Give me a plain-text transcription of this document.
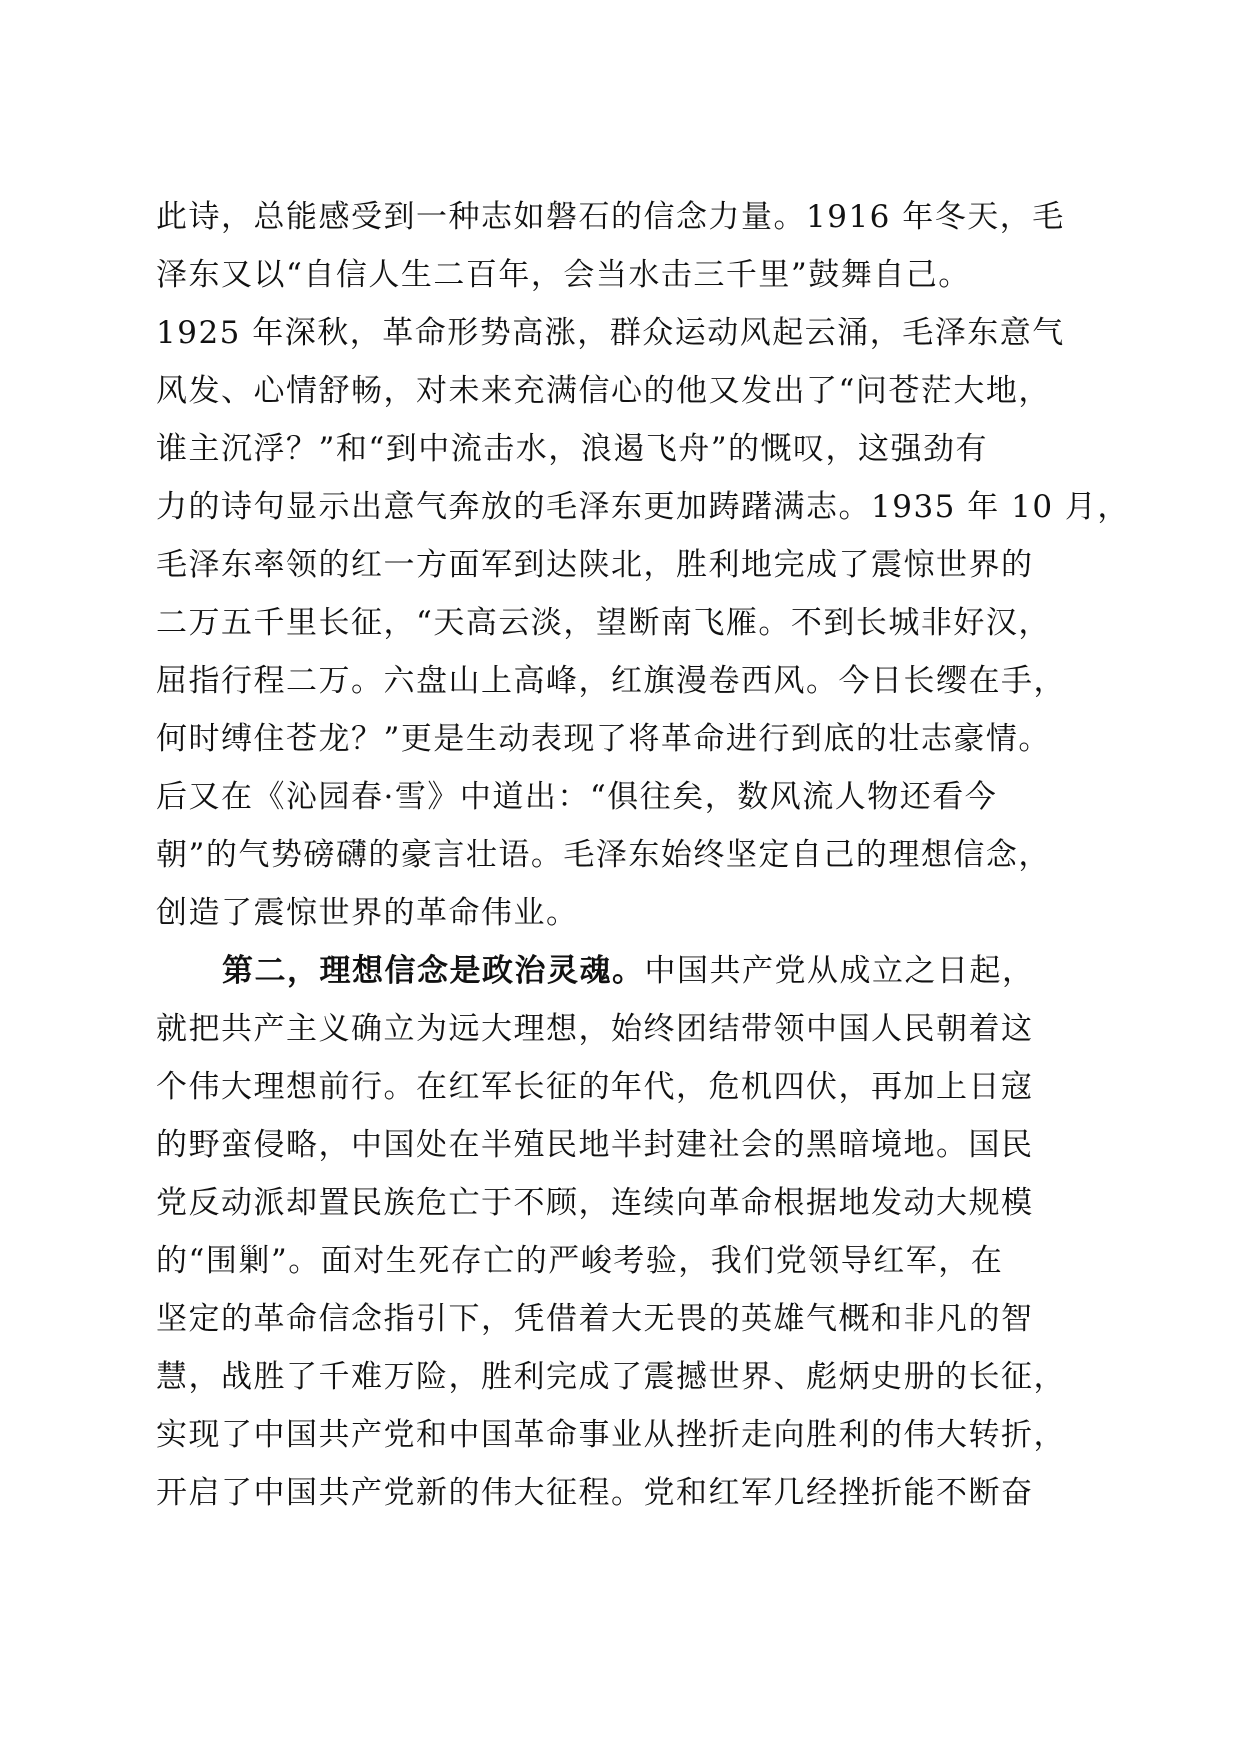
此诗，总能感受到一种志如磐石的信念力量。1916 年冬天，毛
泽东又以“自信人生二百年，会当水击三千里”鼓舞自己。
1925 年深秋，革命形势高涨，群众运动风起云涌，毛泽东意气
风发、心情舒畅，对未来充满信心的他又发出了“问苍茫大地，
谁主沉浮？”和“到中流击水，浪遏飞舟”的慨叹，这强劲有
力的诗句显示出意气奔放的毛泽东更加踌躇满志。1935 年 10 月，
毛泽东率领的红一方面军到达陕北，胜利地完成了震惊世界的
二万五千里长征，“天高云淡，望断南飞雁。不到长城非好汉，
屈指行程二万。六盘山上高峰，红旗漫卷西风。今日长缨在手，
何时缚住苍龙？”更是生动表现了将革命进行到底的壮志豪情。
后又在《沁园春·雪》中道出：“俱往矣，数风流人物还看今
朝”的气势磅礴的豪言壮语。毛泽东始终坚定自己的理想信念，
创造了震惊世界的革命伟业。
第二，理想信念是政治灵魂。中国共产党从成立之日起，
就把共产主义确立为远大理想，始终团结带领中国人民朝着这
个伟大理想前行。在红军长征的年代，危机四伏，再加上日寇
的野蛮侵略，中国处在半殖民地半封建社会的黑暗境地。国民
党反动派却置民族危亡于不顾，连续向革命根据地发动大规模
的“围剿”。面对生死存亡的严峻考验，我们党领导红军，在
坚定的革命信念指引下，凭借着大无畏的英雄气概和非凡的智
慧，战胜了千难万险，胜利完成了震撼世界、彪炳史册的长征，
实现了中国共产党和中国革命事业从挫折走向胜利的伟大转折，
开启了中国共产党新的伟大征程。党和红军几经挫折能不断奋
